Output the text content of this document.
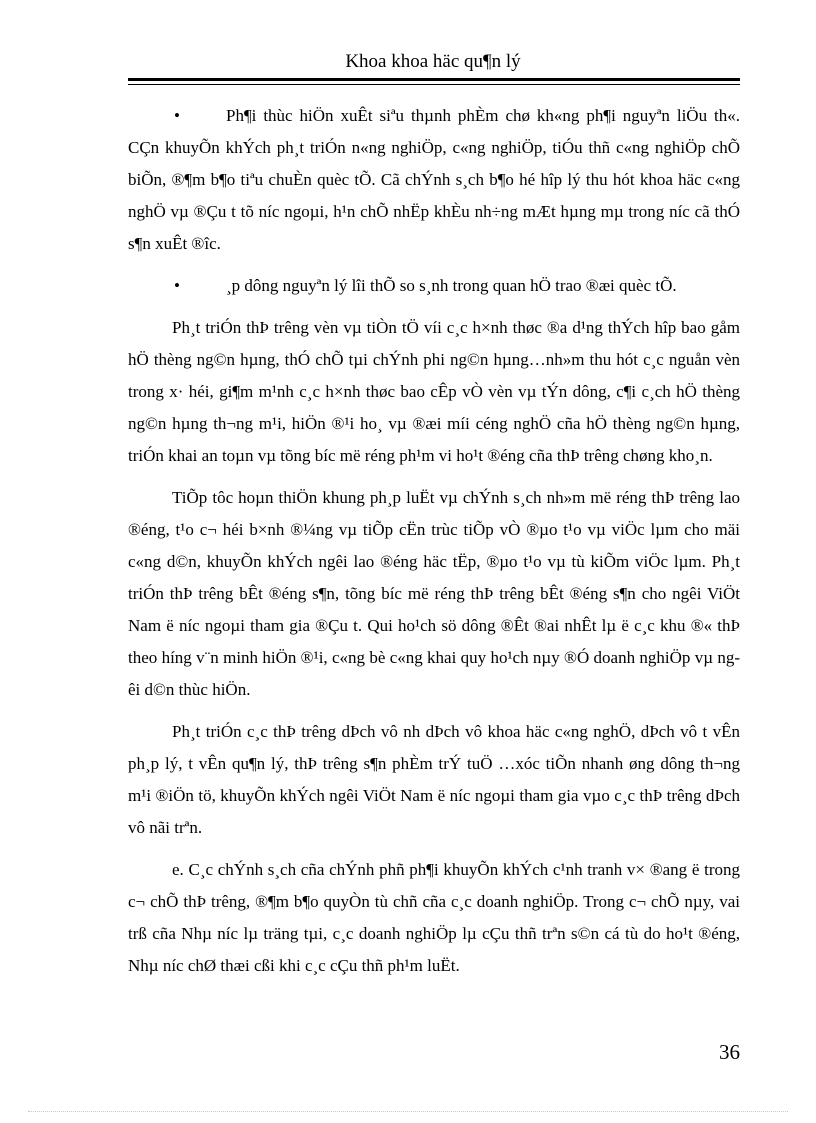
Khoa khoa häc qu¶n lý

•	Ph¶i thùc hiÖn xuÊt siªu thµnh phÈm chø kh«ng ph¶i nguyªn liÖu th«. CÇn khuyÕn khÝch ph¸t triÓn n«ng nghiÖp, c«ng nghiÖp, tiÓu thñ c«ng nghiÖp chÕ biÕn, ®¶m b¶o tiªu chuÈn quèc tÕ. Cã chÝnh s¸ch b¶o hé hîp lý thu hót khoa häc c«ng nghÖ vµ ®Çu t tõ níc ngoµi, h¹n chÕ nhËp khÈu nh÷ng mÆt hµng mµ trong níc cã thÓ s¶n xuÊt ®îc.

•	¸p dông nguyªn lý lîi thÕ so s¸nh trong quan hÖ trao ®æi quèc tÕ.

Ph¸t triÓn thÞ trêng vèn vµ tiÒn tÖ víi c¸c h×nh thøc ®a d¹ng thÝch hîp bao gåm hÖ thèng ng©n hµng, thÓ chÕ tµi chÝnh phi ng©n hµng…nh»m thu hót c¸c nguån vèn trong x· héi, gi¶m m¹nh c¸c h×nh thøc bao cÊp vÒ vèn vµ tÝn dông, c¶i c¸ch hÖ thèng ng©n hµng th¬ng m¹i, hiÖn ®¹i ho¸ vµ ®æi míi céng nghÖ cña hÖ thèng ng©n hµng, triÓn khai an toµn vµ tõng bíc më réng ph¹m vi ho¹t ®éng cña thÞ trêng chøng kho¸n.

TiÕp tôc hoµn thiÖn khung ph¸p luËt vµ chÝnh s¸ch nh»m më réng thÞ trêng lao ®éng, t¹o c¬ héi b×nh ®¼ng vµ tiÕp cËn trùc tiÕp vÒ ®µo t¹o vµ viÖc lµm cho mäi c«ng d©n, khuyÕn khÝch ngêi lao ®éng häc tËp, ®µo t¹o vµ tù kiÕm viÖc lµm. Ph¸t triÓn thÞ trêng bÊt ®éng s¶n, tõng bíc më réng thÞ trêng bÊt ®éng s¶n cho ngêi ViÖt Nam ë níc ngoµi tham gia ®Çu t. Qui ho¹ch sö dông ®Êt ®ai nhÊt lµ ë c¸c khu ®« thÞ theo híng v¨n minh hiÖn ®¹i, c«ng bè c«ng khai quy ho¹ch nµy ®Ó doanh nghiÖp vµ ngêi d©n thùc hiÖn.

Ph¸t triÓn c¸c thÞ trêng dÞch vô nh dÞch vô khoa häc c«ng nghÖ, dÞch vô t vÊn ph¸p lý, t vÊn qu¶n lý, thÞ trêng s¶n phÈm trÝ tuÖ …xóc tiÕn nhanh øng dông th¬ng m¹i ®iÖn tö, khuyÕn khÝch ngêi ViÖt Nam ë níc ngoµi tham gia vµo c¸c thÞ trêng dÞch vô nãi trªn.

e. C¸c chÝnh s¸ch cña chÝnh phñ ph¶i khuyÕn khÝch c¹nh tranh v× ®ang ë trong c¬ chÕ thÞ trêng, ®¶m b¶o quyÒn tù chñ cña c¸c doanh nghiÖp. Trong c¬ chÕ nµy, vai trß cña Nhµ níc lµ träng tµi, c¸c doanh nghiÖp lµ cÇu thñ trªn s©n cá tù do ho¹t ®éng, Nhµ níc chØ thæi cßi khi c¸c cÇu thñ ph¹m luËt.

36
